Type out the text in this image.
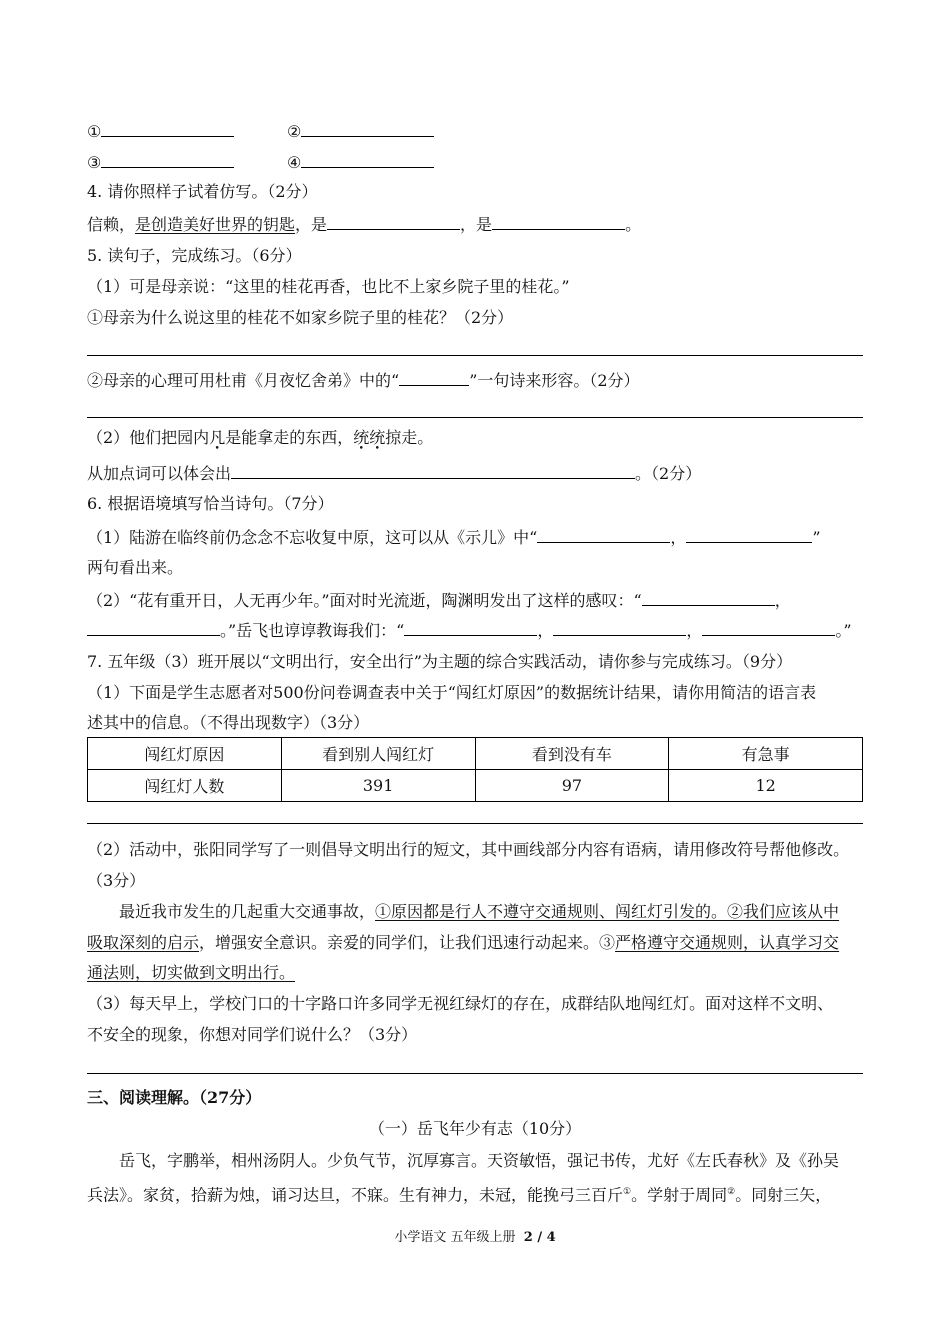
①	②
③	④
4. 请你照样子试着仿写。（2分）
信赖，是创造美好世界的钥匙，是	，是	。
5. 读句子，完成练习。（6分）
（1）可是母亲说：“这里的桂花再香，也比不上家乡院子里的桂花。”
①母亲为什么说这里的桂花不如家乡院子里的桂花？（2分）
②母亲的心理可用杜甫《月夜忆舍弟》中的“	”一句诗来形容。（2分）
（2）他们把园内凡是能拿走的东西，统统掠走。
从加点词可以体会出	。（2分）
6. 根据语境填写恰当诗句。（7分）
（1）陆游在临终前仍念念不忘收复中原，这可以从《示儿》中“	，	”
两句看出来。
（2）“花有重开日，人无再少年。”面对时光流逝，陶渊明发出了这样的感叹：“	，
。”岳飞也谆谆教诲我们：“	，	，	。”
7. 五年级（3）班开展以“文明出行，安全出行”为主题的综合实践活动，请你参与完成练习。（9分）
（1）下面是学生志愿者对500份问卷调查表中关于“闯红灯原因”的数据统计结果，请你用简洁的语言表
述其中的信息。（不得出现数字）（3分）
闯红灯原因	看到别人闯红灯	看到没有车	有急事
闯红灯人数	391	97	12
（2）活动中，张阳同学写了一则倡导文明出行的短文，其中画线部分内容有语病，请用修改符号帮他修改。
（3分）
最近我市发生的几起重大交通事故，①原因都是行人不遵守交通规则、闯红灯引发的。②我们应该从中
吸取深刻的启示，增强安全意识。亲爱的同学们，让我们迅速行动起来。③严格遵守交通规则，认真学习交
通法则，切实做到文明出行。
（3）每天早上，学校门口的十字路口许多同学无视红绿灯的存在，成群结队地闯红灯。面对这样不文明、
不安全的现象，你想对同学们说什么？（3分）
三、阅读理解。（27分）
（一）岳飞年少有志（10分）
岳飞，字鹏举，相州汤阴人。少负气节，沉厚寡言。天资敏悟，强记书传，尤好《左氏春秋》及《孙吴
兵法》。家贫，拾薪为烛，诵习达旦，不寐。生有神力，未冠，能挽弓三百斤①。学射于周同②。同射三矢，
小学语文 五年级上册 2 / 4
